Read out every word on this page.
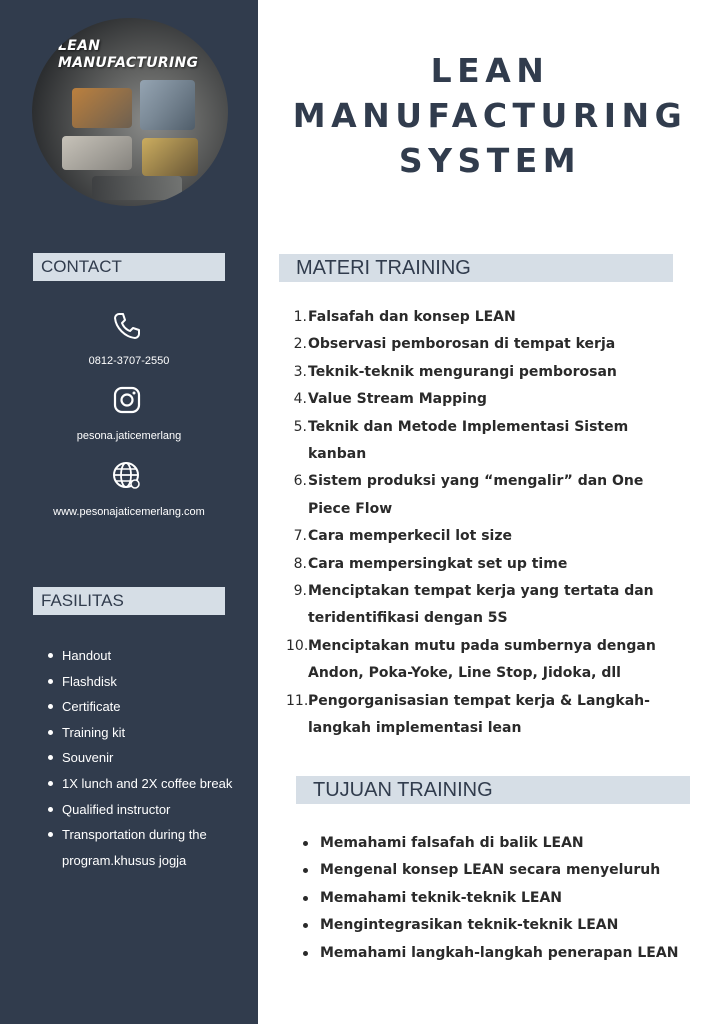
LEAN
MANUFACTURING
CONTACT
0812-3707-2550
pesona.jaticemerlang
www.pesonajaticemerlang.com
FASILITAS
Handout
Flashdisk
Certificate
Training kit
Souvenir
1X lunch and 2X coffee break
Qualified instructor
Transportation during the program.khusus jogja
LEAN
MANUFACTURING
SYSTEM
MATERI TRAINING
1. Falsafah dan konsep LEAN
2. Observasi pemborosan di tempat kerja
3. Teknik-teknik mengurangi pemborosan
4. Value Stream Mapping
5. Teknik dan Metode Implementasi Sistem kanban
6. Sistem produksi yang “mengalir” dan One Piece Flow
7. Cara memperkecil lot size
8. Cara mempersingkat set up time
9. Menciptakan tempat kerja yang tertata dan teridentifikasi dengan 5S
10. Menciptakan mutu pada sumbernya dengan Andon, Poka-Yoke, Line Stop, Jidoka, dll
11. Pengorganisasian tempat kerja & Langkah-langkah implementasi lean
TUJUAN TRAINING
Memahami falsafah di balik LEAN
Mengenal konsep LEAN secara menyeluruh
Memahami teknik-teknik LEAN
Mengintegrasikan teknik-teknik LEAN
Memahami langkah-langkah penerapan LEAN
